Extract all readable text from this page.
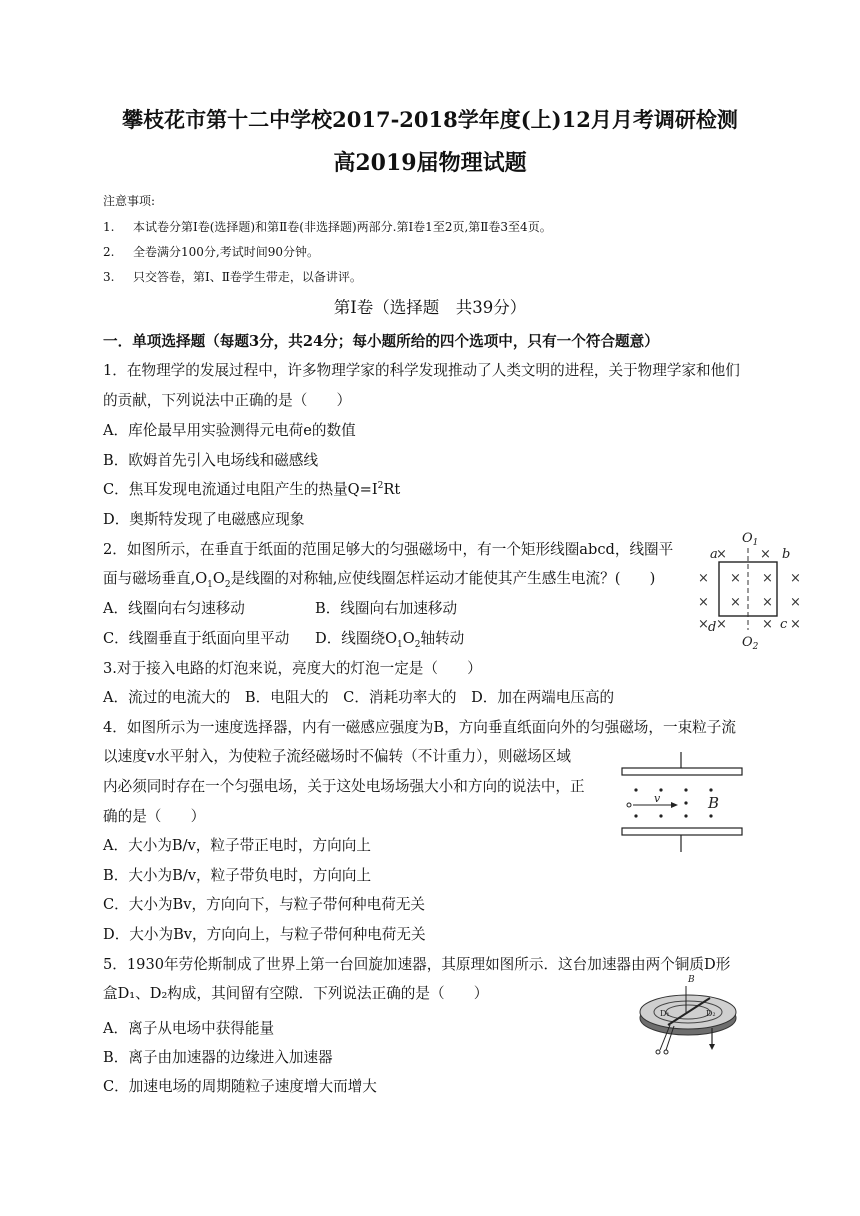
攀枝花市第十二中学校2017-2018学年度(上)12月月考调研检测
高2019届物理试题
注意事项:
1. 本试卷分第Ⅰ卷(选择题)和第Ⅱ卷(非选择题)两部分.第Ⅰ卷1至2页,第Ⅱ卷3至4页。
2. 全卷满分100分,考试时间90分钟。
3. 只交答卷，第Ⅰ、Ⅱ卷学生带走，以备讲评。
第Ⅰ卷（选择题　共39分）
一．单项选择题（每题3分，共24分；每小题所给的四个选项中，只有一个符合题意）
1．在物理学的发展过程中，许多物理学家的科学发现推动了人类文明的进程，关于物理学家和他们
的贡献，下列说法中正确的是（　　）
A．库伦最早用实验测得元电荷e的数值
B．欧姆首先引入电场线和磁感线
C．焦耳发现电流通过电阻产生的热量$Q=I^2Rt$
D．奥斯特发现了电磁感应现象
2．如图所示，在垂直于纸面的范围足够大的匀强磁场中，有一个矩形线圈abcd，线圈平
面与磁场垂直$,O_1O_2$是线圈的对称轴,应使线圈怎样运动才能使其产生感生电流？(　　)
A．线圈向右匀速移动	B．线圈向右加速移动
C．线圈垂直于纸面向里平动 D．线圈绕$O_1O_2$轴转动
×
×
×
×
×
×
×
×
×
×
×	×
×	×
a	b
c
d
$O_1$
$O_2$
3.对于接入电路的灯泡来说，亮度大的灯泡一定是（　　）
A．流过的电流大的　B．电阻大的　C．消耗功率大的　D．加在两端电压高的
4．如图所示为一速度选择器，内有一磁感应强度为B，方向垂直纸面向外的匀强磁场，一束粒子流
以速度v水平射入，为使粒子流经磁场时不偏转（不计重力），则磁场区域
内必须同时存在一个匀强电场，关于这处电场场强大小和方向的说法中，正
确的是（　　）
A．大小为B/v，粒子带正电时，方向向上
B．大小为B/v，粒子带负电时，方向向上
C．大小为Bv，方向向下，与粒子带何种电荷无关
D．大小为Bv，方向向上，与粒子带何种电荷无关
v	B
5．1930年劳伦斯制成了世界上第一台回旋加速器，其原理如图所示．这台加速器由两个铜质D形
盒D₁、D₂构成，其间留有空隙．下列说法正确的是（　　）
A．离子从电场中获得能量
B．离子由加速器的边缘进入加速器
C．加速电场的周期随粒子速度增大而增大
B
D₁	D₂
